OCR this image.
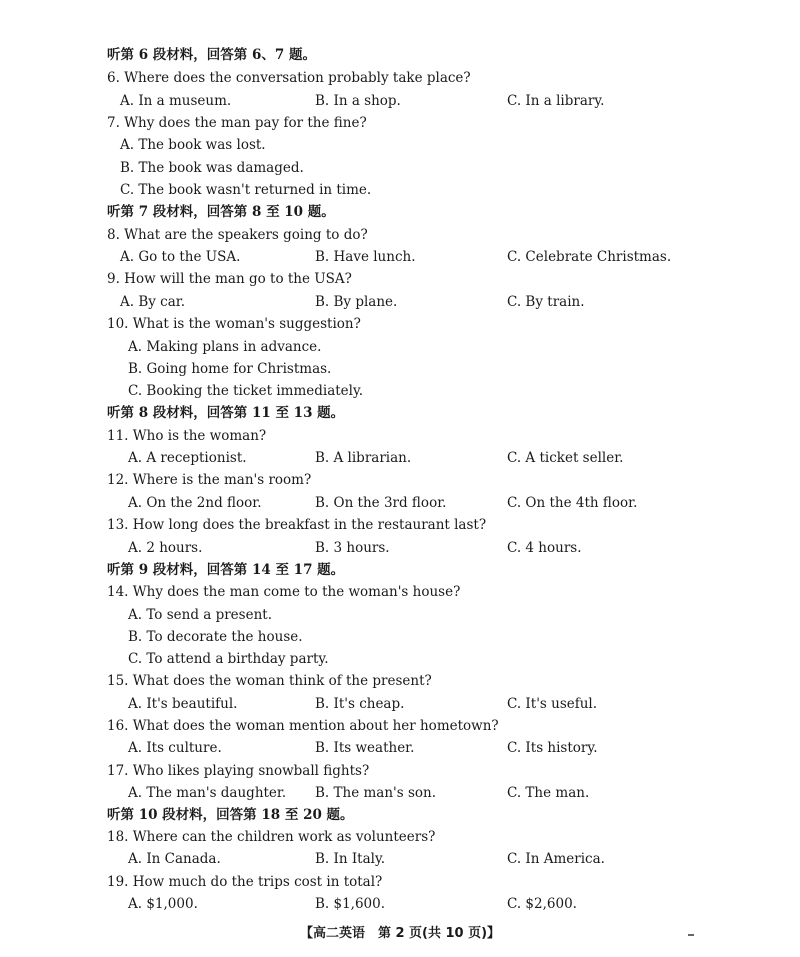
听第 6 段材料，回答第 6、7 题。
6. Where does the conversation probably take place?
A. In a museum.	B. In a shop.	C. In a library.
7. Why does the man pay for the fine?
A. The book was lost.
B. The book was damaged.
C. The book wasn't returned in time.
听第 7 段材料，回答第 8 至 10 题。
8. What are the speakers going to do?
A. Go to the USA.	B. Have lunch.	C. Celebrate Christmas.
9. How will the man go to the USA?
A. By car.	B. By plane.	C. By train.
10. What is the woman's suggestion?
A. Making plans in advance.
B. Going home for Christmas.
C. Booking the ticket immediately.
听第 8 段材料，回答第 11 至 13 题。
11. Who is the woman?
A. A receptionist.	B. A librarian.	C. A ticket seller.
12. Where is the man's room?
A. On the 2nd floor.	B. On the 3rd floor.	C. On the 4th floor.
13. How long does the breakfast in the restaurant last?
A. 2 hours.	B. 3 hours.	C. 4 hours.
听第 9 段材料，回答第 14 至 17 题。
14. Why does the man come to the woman's house?
A. To send a present.
B. To decorate the house.
C. To attend a birthday party.
15. What does the woman think of the present?
A. It's beautiful.	B. It's cheap.	C. It's useful.
16. What does the woman mention about her hometown?
A. Its culture.	B. Its weather.	C. Its history.
17. Who likes playing snowball fights?
A. The man's daughter. B. The man's son.	C. The man.
听第 10 段材料，回答第 18 至 20 题。
18. Where can the children work as volunteers?
A. In Canada.	B. In Italy.	C. In America.
19. How much do the trips cost in total?
A. $1,000.	B. $1,600.	C. $2,600.
【高二英语　第 2 页(共 10 页)】
